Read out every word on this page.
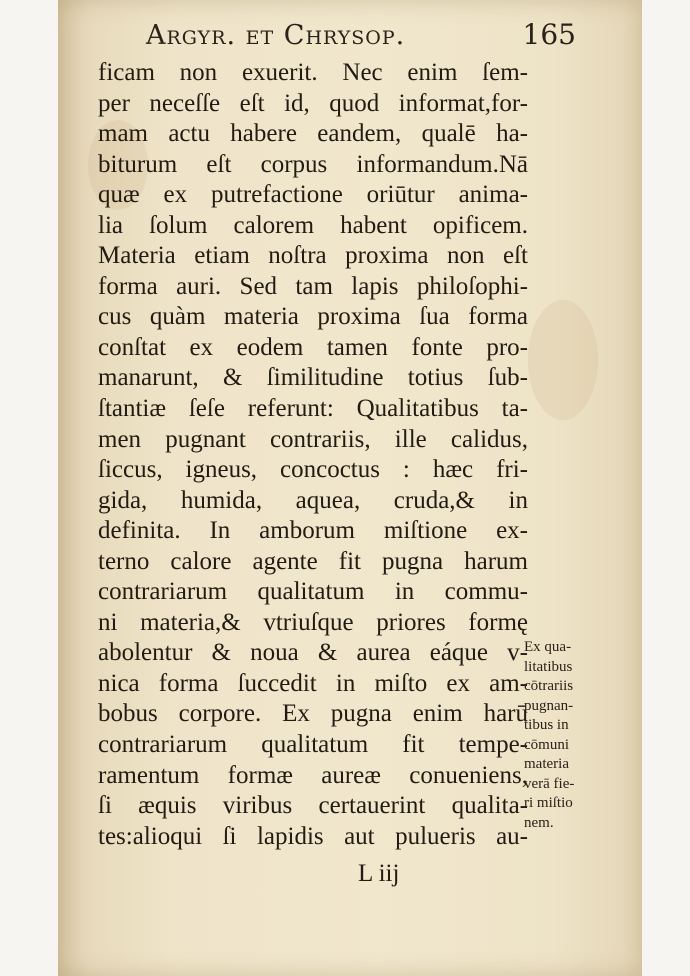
Argyr. et Chrysop.	165
ficam non exuerit. Nec enim ſem-
per neceſſe eſt id, quod informat,for-
mam actu habere eandem, qualē ha-
biturum eſt corpus informandum.Nā
quæ ex putrefactione oriūtur anima-
lia ſolum calorem habent opificem.
Materia etiam noſtra proxima non eſt
forma auri. Sed tam lapis philoſophi-
cus quàm materia proxima ſua forma
conſtat ex eodem tamen fonte pro-
manarunt, & ſimilitudine totius ſub-
ſtantiæ ſeſe referunt: Qualitatibus ta-
men pugnant contrariis, ille calidus,
ſiccus, igneus, concoctus : hæc fri-
gida, humida, aquea, cruda,& in
definita. In amborum miſtione ex-
terno calore agente fit pugna harum
contrariarum qualitatum in commu-
ni materia,& vtriuſque priores formę
abolentur & noua & aurea eáque v-
nica forma ſuccedit in miſto ex am-
bobus corpore. Ex pugna enim harū
contrariarum qualitatum fit tempe-
ramentum formæ aureæ conueniens,
ſi æquis viribus certauerint qualita-
tes:alioqui ſi lapidis aut pulueris au-
Ex qua-
litatibus
cōtrariis
pugnan-
tibus in
cōmuni
materia
verā fie-
ri miſtio
nem.
L iij
